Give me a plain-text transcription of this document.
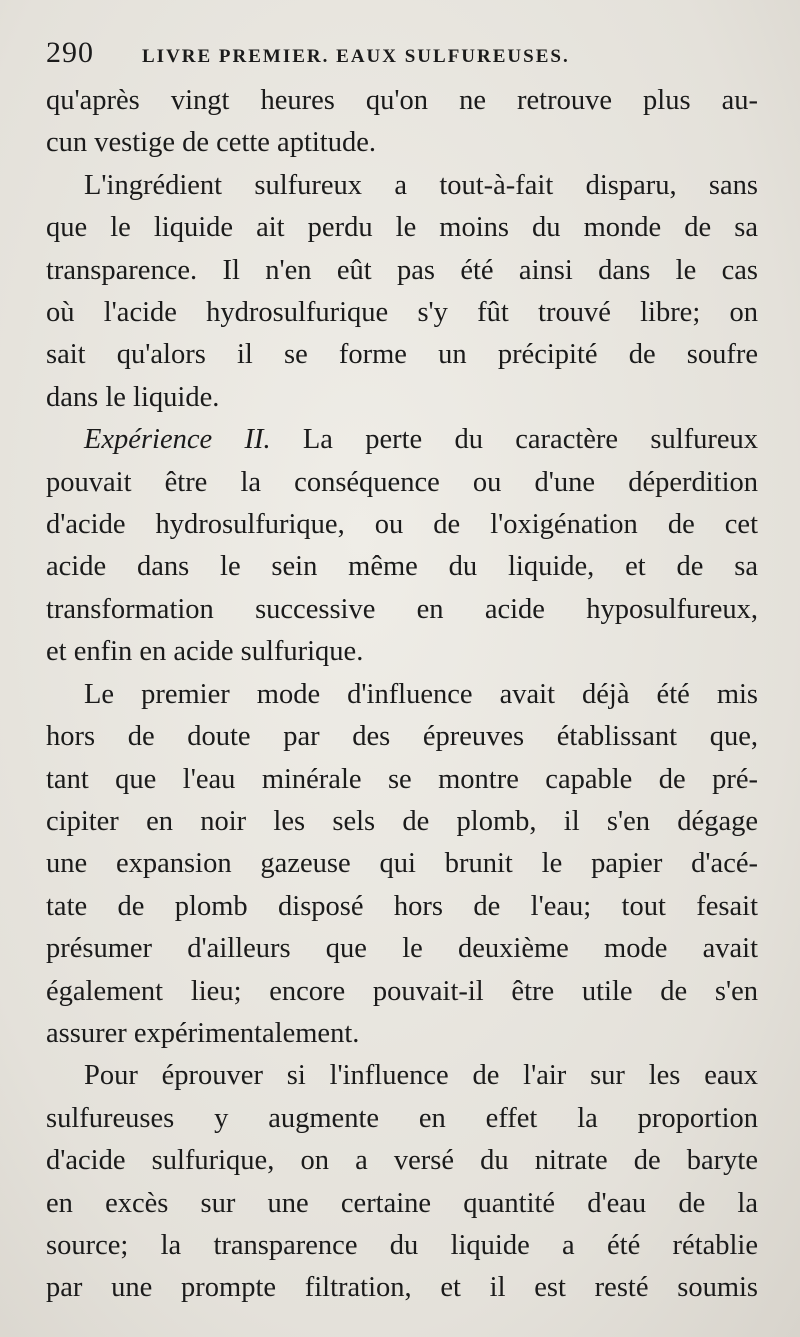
290	LIVRE PREMIER. EAUX SULFUREUSES.

qu'après vingt heures qu'on ne retrouve plus au-
cun vestige de cette aptitude.

L'ingrédient sulfureux a tout-à-fait disparu, sans
que le liquide ait perdu le moins du monde de sa
transparence. Il n'en eût pas été ainsi dans le cas
où l'acide hydrosulfurique s'y fût trouvé libre; on
sait qu'alors il se forme un précipité de soufre
dans le liquide.

Expérience II. La perte du caractère sulfureux
pouvait être la conséquence ou d'une déperdition
d'acide hydrosulfurique, ou de l'oxigénation de cet
acide dans le sein même du liquide, et de sa
transformation successive en acide hyposulfureux,
et enfin en acide sulfurique.

Le premier mode d'influence avait déjà été mis
hors de doute par des épreuves établissant que,
tant que l'eau minérale se montre capable de pré-
cipiter en noir les sels de plomb, il s'en dégage
une expansion gazeuse qui brunit le papier d'acé-
tate de plomb disposé hors de l'eau; tout fesait
présumer d'ailleurs que le deuxième mode avait
également lieu; encore pouvait-il être utile de s'en
assurer expérimentalement.

Pour éprouver si l'influence de l'air sur les eaux
sulfureuses y augmente en effet la proportion
d'acide sulfurique, on a versé du nitrate de baryte
en excès sur une certaine quantité d'eau de la
source; la transparence du liquide a été rétablie
par une prompte filtration, et il est resté soumis
